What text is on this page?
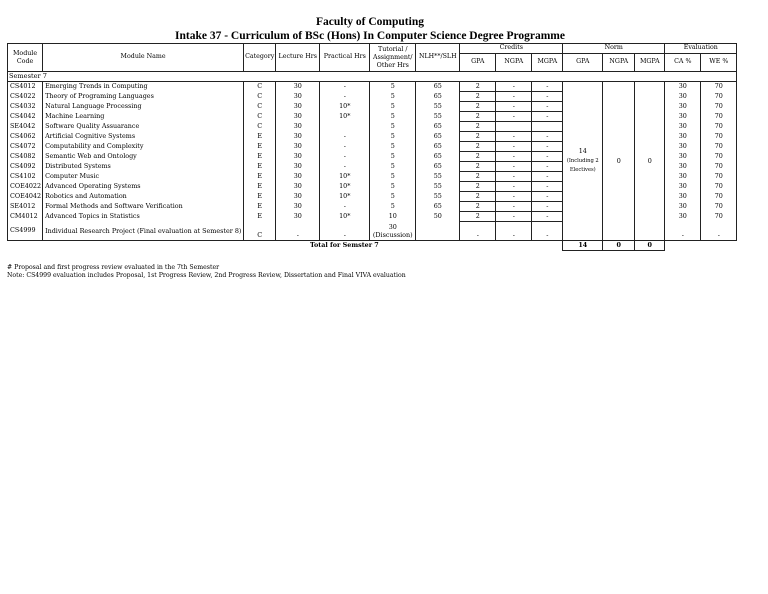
Faculty of Computing
Intake 37 - Curriculum of BSc (Hons) In Computer Science Degree Programme
Module Code	Module Name	Category	Lecture Hrs	Practical Hrs	Tutorial / Assignment/ Other Hrs	NLH**/SLH	Credits			Norm			Evaluation	
							GPA	NGPA	MGPA	GPA	NGPA	MGPA	CA %	WE %
Semester 7														
CS4012	Emerging Trends in Computing	C	30	-	5	65	2	-	-	14 (Including 2 Electives)	0	0	30	70
CS4022	Theory of Programing Languages	C	30	-	5	65	2	-	-				30	70
CS4032	Natural Language Processing	C	30	10*	5	55	2	-	-				30	70
CS4042	Machine Learning	C	30	10*	5	55	2	-	-				30	70
SE4042	Software Quality Assuarance	C	30		5	65	2						30	70
CS4062	Artificial Cognitive Systems	E	30	-	5	65	2	-	-				30	70
CS4072	Computability and Complexity	E	30	-	5	65	2	-	-				30	70
CS4082	Semantic Web and Ontology	E	30	-	5	65	2	-	-				30	70
CS4092	Distributed Systems	E	30	-	5	65	2	-	-				30	70
CS4102	Computer Music	E	30	10*	5	55	2	-	-				30	70
COE4022	Advanced Operating Systems	E	30	10*	5	55	2	-	-				30	70
COE4042	Robotics and Automation	E	30	10*	5	55	2	-	-				30	70
SE4012	Formal Methods and Software Verification	E	30	-	5	65	2	-	-				30	70
CM4012	Advanced Topics in Statistics	E	30	10*	10	50	2	-	-				30	70
CS4999	Individual Research Project (Final evaluation at Semester 8)	C	-	-	30 (Discussion)		-	-	-				-	-
Total for Semster 7										14	0	0		
# Proposal and first progress review evaluated in the 7th Semester
Note: CS4999 evaluation includes Proposal, 1st Progress Review, 2nd Progress Review, Dissertation and Final VIVA evaluation
